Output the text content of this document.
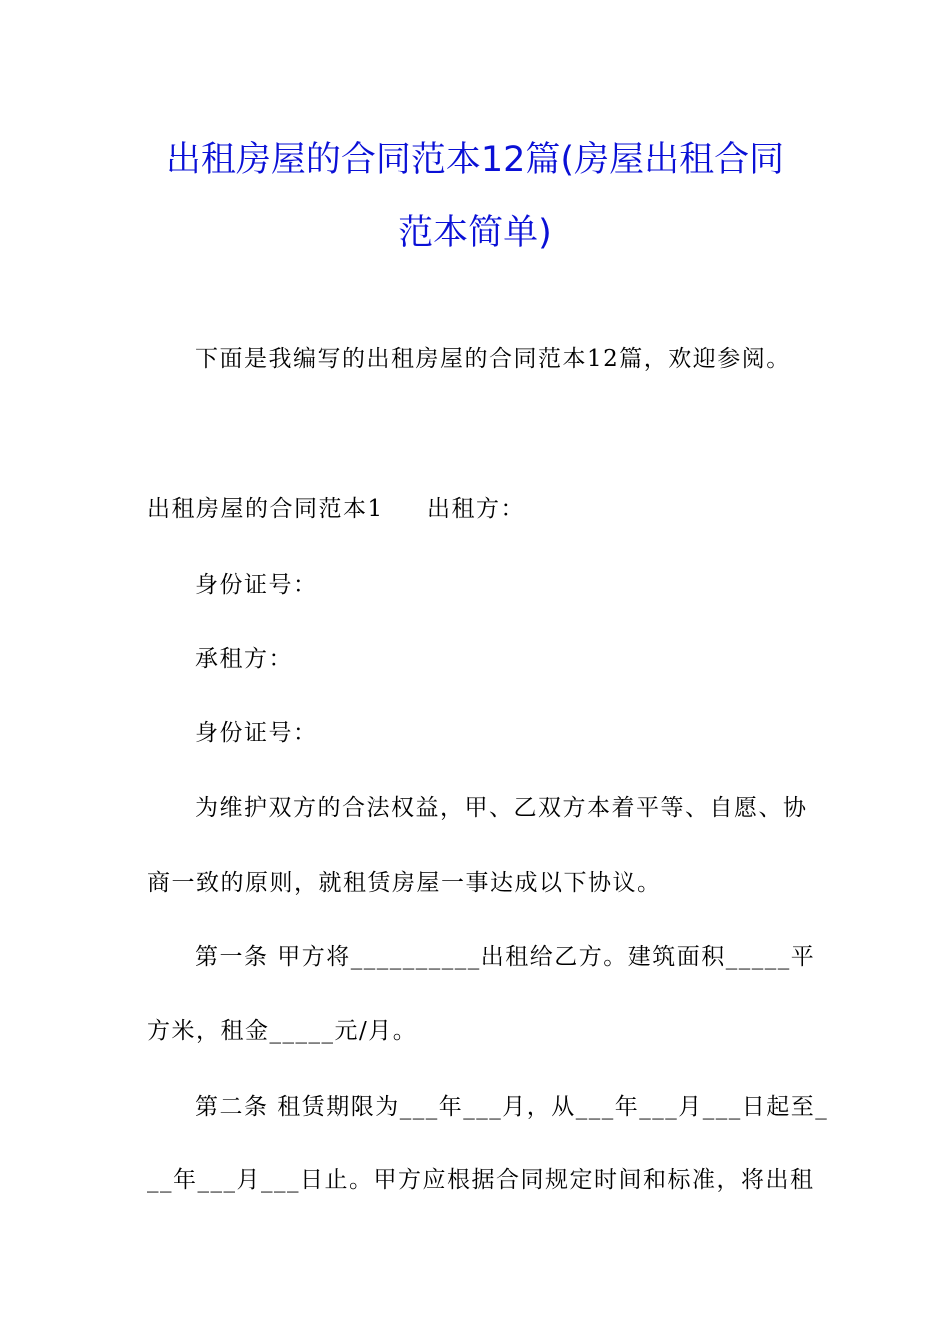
出租房屋的合同范本12篇(房屋出租合同
范本简单)
下面是我编写的出租房屋的合同范本12篇，欢迎参阅。
出租房屋的合同范本1 出租方：
身份证号：
承租方：
身份证号：
为维护双方的合法权益，甲、乙双方本着平等、自愿、协
商一致的原则，就租赁房屋一事达成以下协议。
第一条 甲方将__________出租给乙方。建筑面积_____平
方米，租金_____元/月。
第二条 租赁期限为___年___月，从___年___月___日起至_
__年___月___日止。甲方应根据合同规定时间和标准，将出租
